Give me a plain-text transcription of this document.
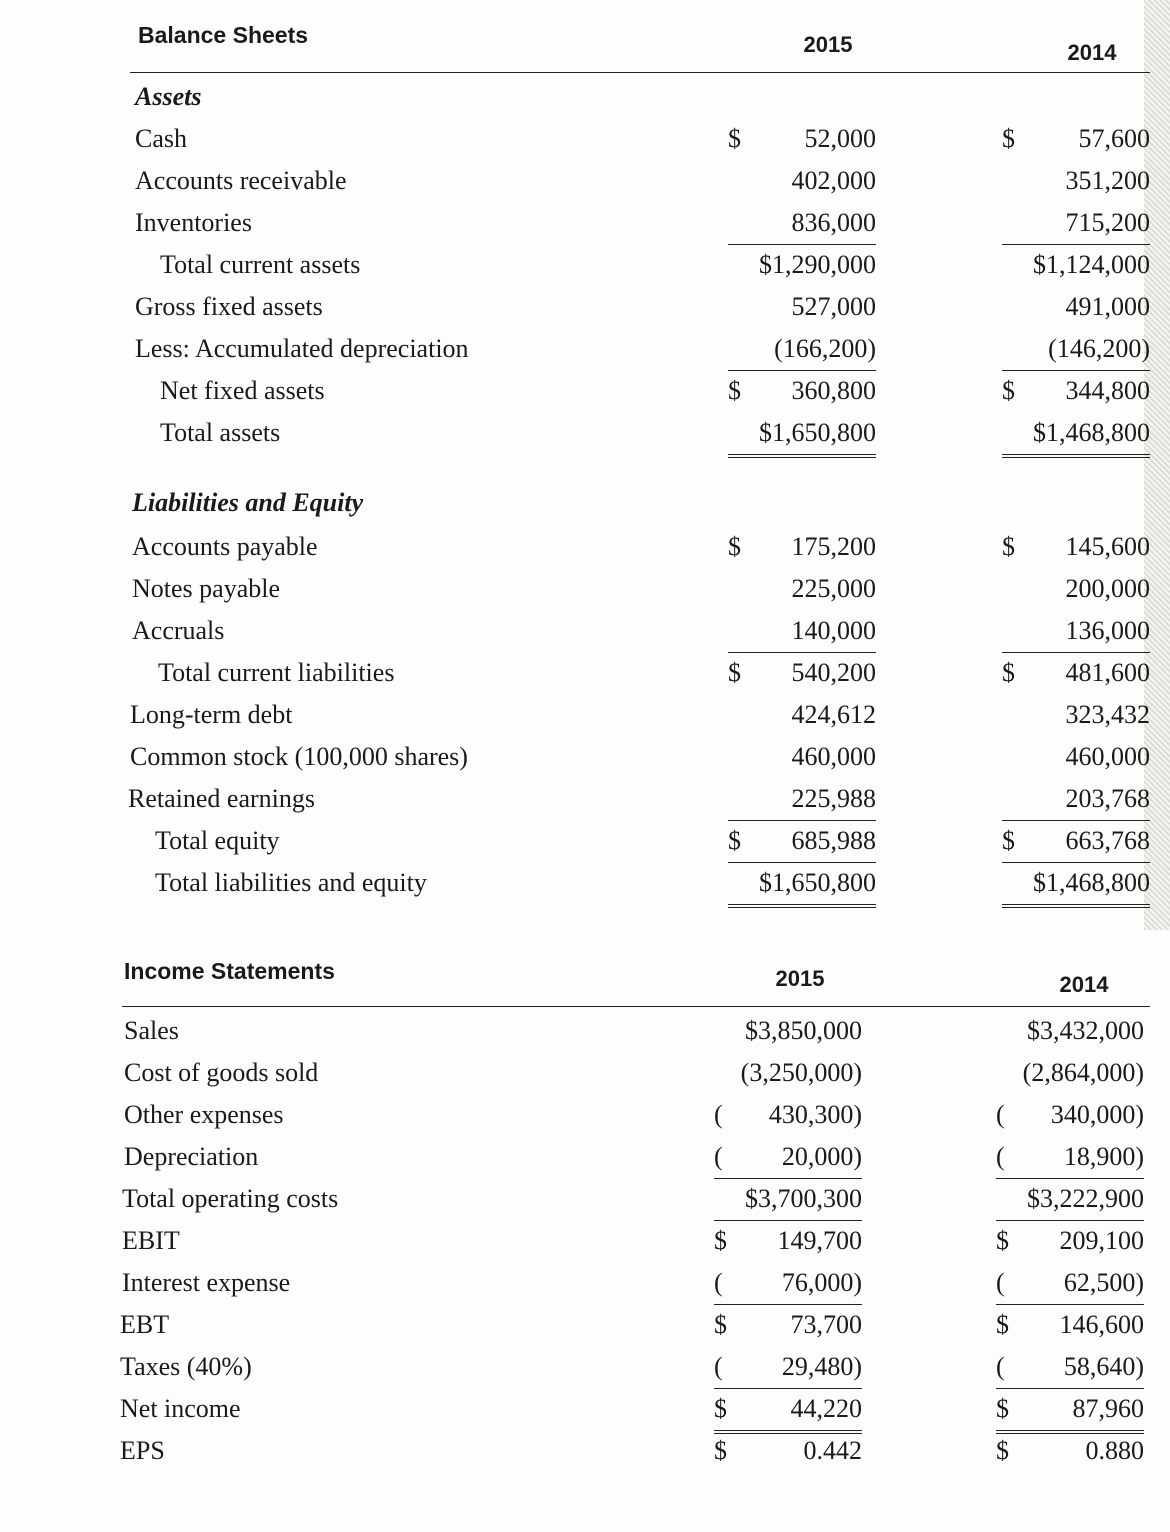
Balance Sheets	2015	2014
Assets
Cash	$ 52,000	$ 57,600
Accounts receivable	402,000	351,200
Inventories	836,000	715,200
Total current assets	$1,290,000	$1,124,000
Gross fixed assets	527,000	491,000
Less: Accumulated depreciation	(166,200)	(146,200)
Net fixed assets	$ 360,800	$ 344,800
Total assets	$1,650,800	$1,468,800
Liabilities and Equity
Accounts payable	$ 175,200	$ 145,600
Notes payable	225,000	200,000
Accruals	140,000	136,000
Total current liabilities	$ 540,200	$ 481,600
Long-term debt	424,612	323,432
Common stock (100,000 shares)	460,000	460,000
Retained earnings	225,988	203,768
Total equity	$ 685,988	$ 663,768
Total liabilities and equity	$1,650,800	$1,468,800
Income Statements	2015	2014
Sales	$3,850,000	$3,432,000
Cost of goods sold	(3,250,000)	(2,864,000)
Other expenses	( 430,300)	( 340,000)
Depreciation	( 20,000)	( 18,900)
Total operating costs	$3,700,300	$3,222,900
EBIT	$ 149,700	$ 209,100
Interest expense	( 76,000)	( 62,500)
EBT	$ 73,700	$ 146,600
Taxes (40%)	( 29,480)	( 58,640)
Net income	$ 44,220	$ 87,960
EPS	$	0.442	$	0.880
